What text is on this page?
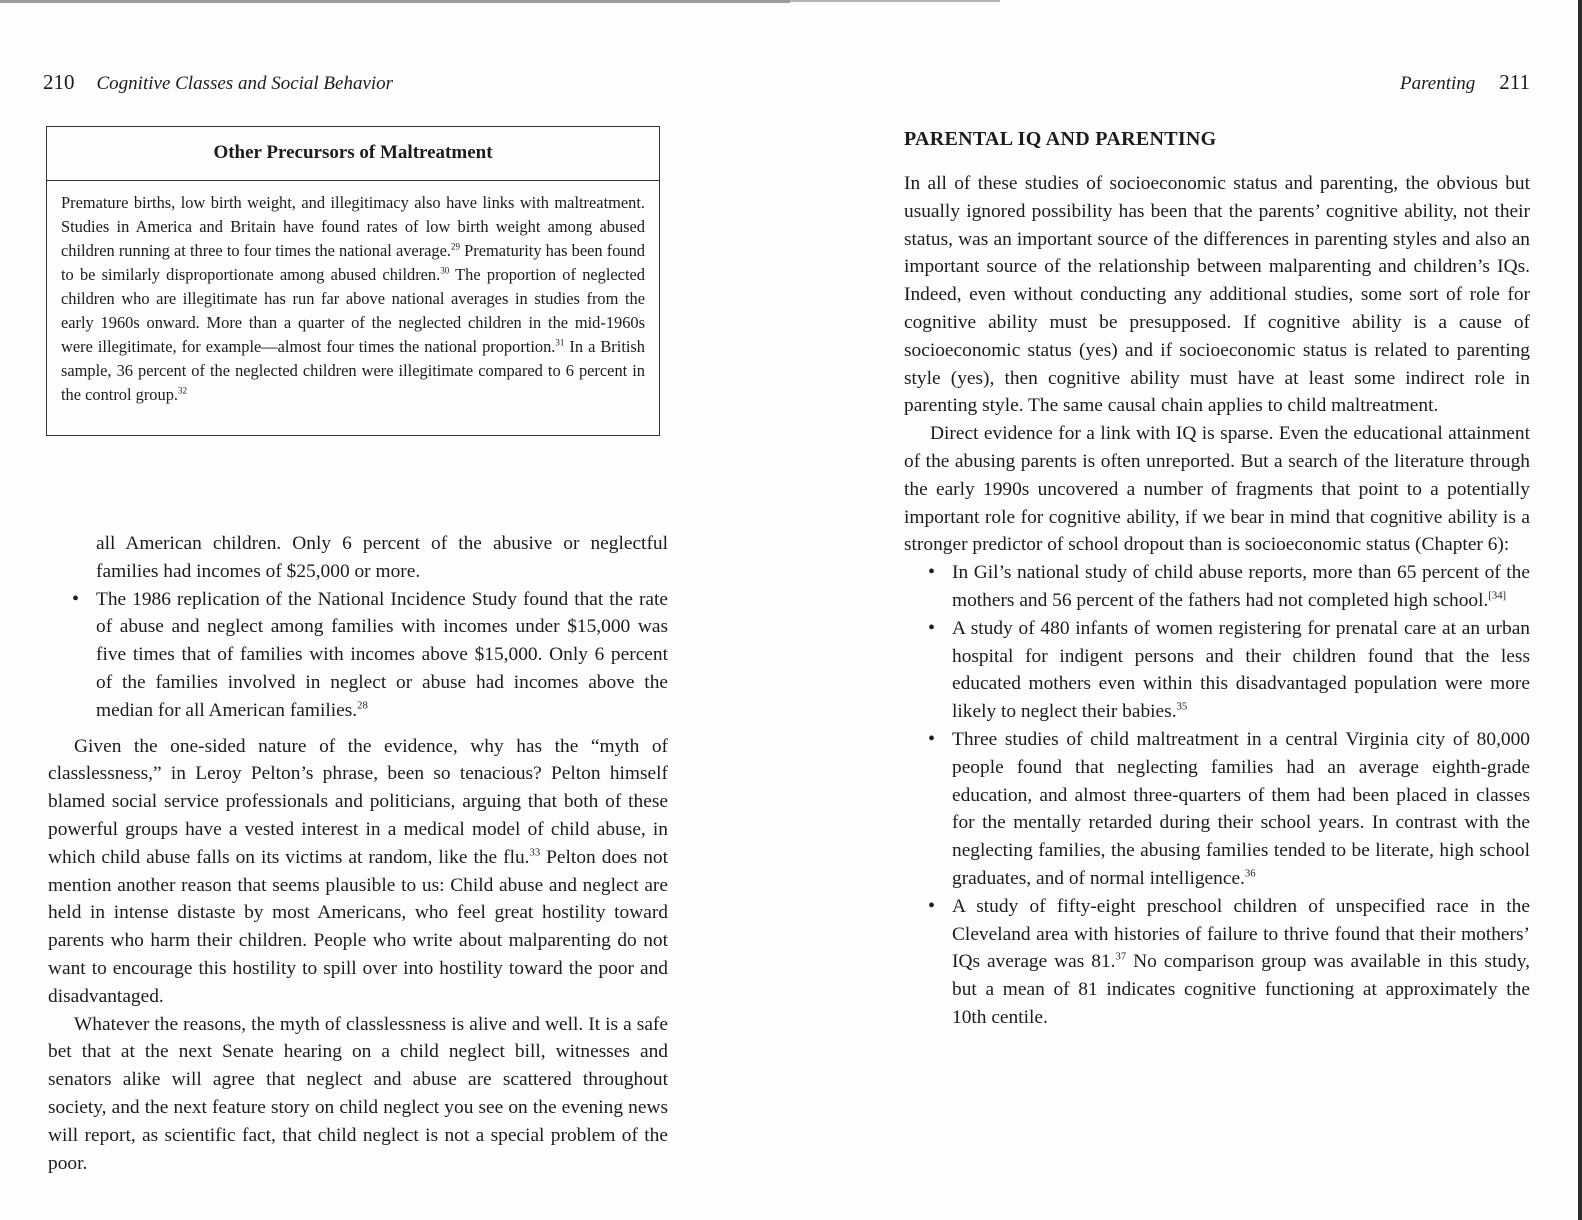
210 Cognitive Classes and Social Behavior
Other Precursors of Maltreatment
Premature births, low birth weight, and illegitimacy also have links with maltreatment. Studies in America and Britain have found rates of low birth weight among abused children running at three to four times the national average.$^{29}$ Prematurity has been found to be similarly disproportionate among abused children.$^{30}$ The proportion of neglected children who are illegitimate has run far above national averages in studies from the early 1960s onward. More than a quarter of the neglected children in the mid-1960s were illegitimate, for example—almost four times the national proportion.$^{31}$ In a British sample, 36 percent of the neglected children were illegitimate compared to 6 percent in the control group.$^{32}$

all American children. Only 6 percent of the abusive or neglectful families had incomes of $25,000 or more.

• The 1986 replication of the National Incidence Study found that the rate of abuse and neglect among families with incomes under $15,000 was five times that of families with incomes above $15,000. Only 6 percent of the families involved in neglect or abuse had incomes above the median for all American families.$^{28}$

Given the one-sided nature of the evidence, why has the “myth of classlessness,” in Leroy Pelton’s phrase, been so tenacious? Pelton himself blamed social service professionals and politicians, arguing that both of these powerful groups have a vested interest in a medical model of child abuse, in which child abuse falls on its victims at random, like the flu.$^{33}$ Pelton does not mention another reason that seems plausible to us: Child abuse and neglect are held in intense distaste by most Americans, who feel great hostility toward parents who harm their children. People who write about malparenting do not want to encourage this hostility to spill over into hostility toward the poor and disadvantaged.

Whatever the reasons, the myth of classlessness is alive and well. It is a safe bet that at the next Senate hearing on a child neglect bill, witnesses and senators alike will agree that neglect and abuse are scattered throughout society, and the next feature story on child neglect you see on the evening news will report, as scientific fact, that child neglect is not a special problem of the poor.

Parenting 211
PARENTAL IQ AND PARENTING

In all of these studies of socioeconomic status and parenting, the obvious but usually ignored possibility has been that the parents’ cognitive ability, not their status, was an important source of the differences in parenting styles and also an important source of the relationship between malparenting and children’s IQs. Indeed, even without conducting any additional studies, some sort of role for cognitive ability must be presupposed. If cognitive ability is a cause of socioeconomic status (yes) and if socioeconomic status is related to parenting style (yes), then cognitive ability must have at least some indirect role in parenting style. The same causal chain applies to child maltreatment.

Direct evidence for a link with IQ is sparse. Even the educational attainment of the abusing parents is often unreported. But a search of the literature through the early 1990s uncovered a number of fragments that point to a potentially important role for cognitive ability, if we bear in mind that cognitive ability is a stronger predictor of school dropout than is socioeconomic status (Chapter 6):

• In Gil’s national study of child abuse reports, more than 65 percent of the mothers and 56 percent of the fathers had not completed high school.[34]
• A study of 480 infants of women registering for prenatal care at an urban hospital for indigent persons and their children found that the less educated mothers even within this disadvantaged population were more likely to neglect their babies.$^{35}$
• Three studies of child maltreatment in a central Virginia city of 80,000 people found that neglecting families had an average eighth-grade education, and almost three-quarters of them had been placed in classes for the mentally retarded during their school years. In contrast with the neglecting families, the abusing families tended to be literate, high school graduates, and of normal intelligence.$^{36}$
• A study of fifty-eight preschool children of unspecified race in the Cleveland area with histories of failure to thrive found that their mothers’ IQs average was 81.37 No comparison group was available in this study, but a mean of 81 indicates cognitive functioning at approximately the 10th centile.
